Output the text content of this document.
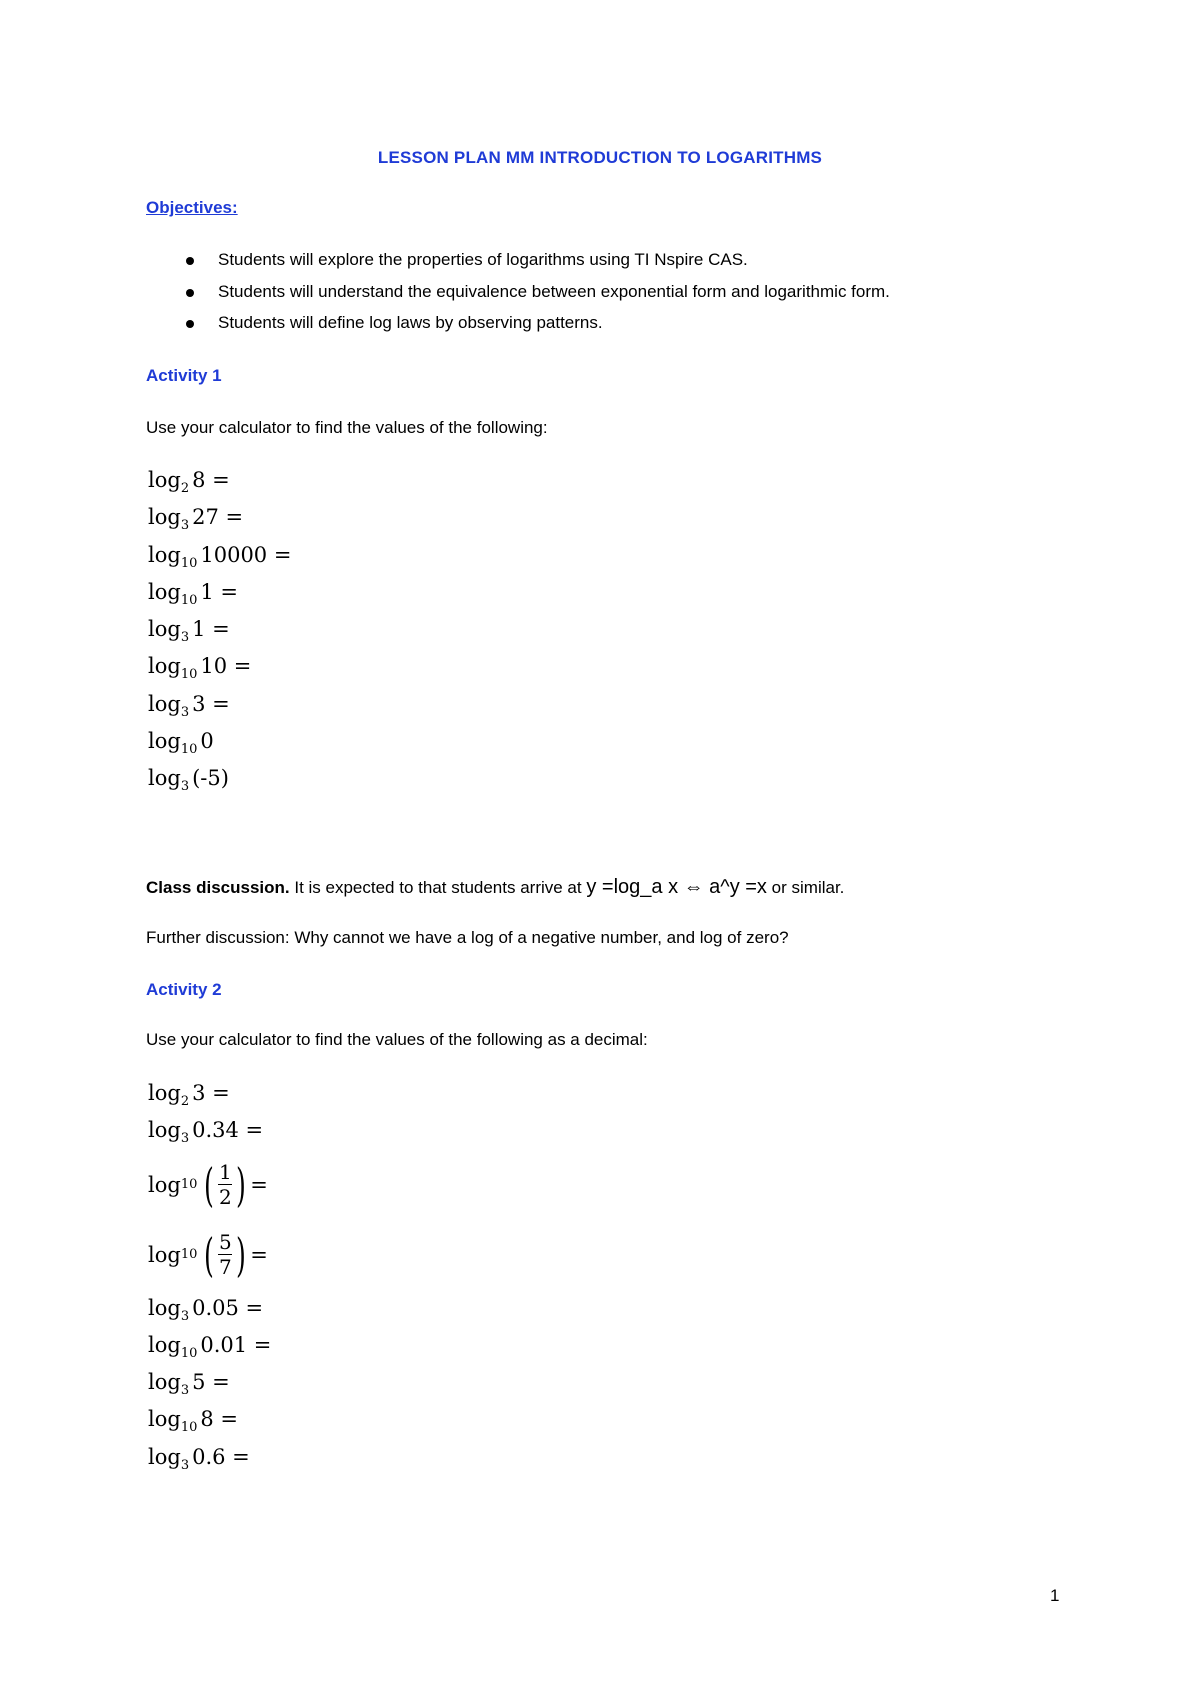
LESSON PLAN MM INTRODUCTION TO LOGARITHMS
Objectives:
Students will explore the properties of logarithms using TI Nspire CAS.
Students will understand the equivalence between exponential form and logarithmic form.
Students will define log laws by observing patterns.
Activity 1
Use your calculator to find the values of the following:
$\log_2 8$ =
$\log_3 27$ =
$\log_{10} 10000$ =
$\log_{10} 1$ =
$\log_3 1$ =
$\log_{10} 10$ =
$\log_3 3$ =
$\log_{10} 0$
$\log_3 (-5)$
Class discussion. It is expected to that students arrive at y =log_a x ⇔ a^y =x or similar.
Further discussion: Why cannot we have a log of a negative number, and log of zero?
Activity 2
Use your calculator to find the values of the following as a decimal:
$\log_2 3$ =
$\log_3 0.34$ =
log 10 ( $\frac{1}{2}$ ) =
log 10 ( $\frac{5}{7}$ ) =
$\log_3 0.05$ =
$\log_{10} 0.01$ =
$\log_3 5$ =
$\log_{10} 8$ =
$\log_3 0.6$ =
1
